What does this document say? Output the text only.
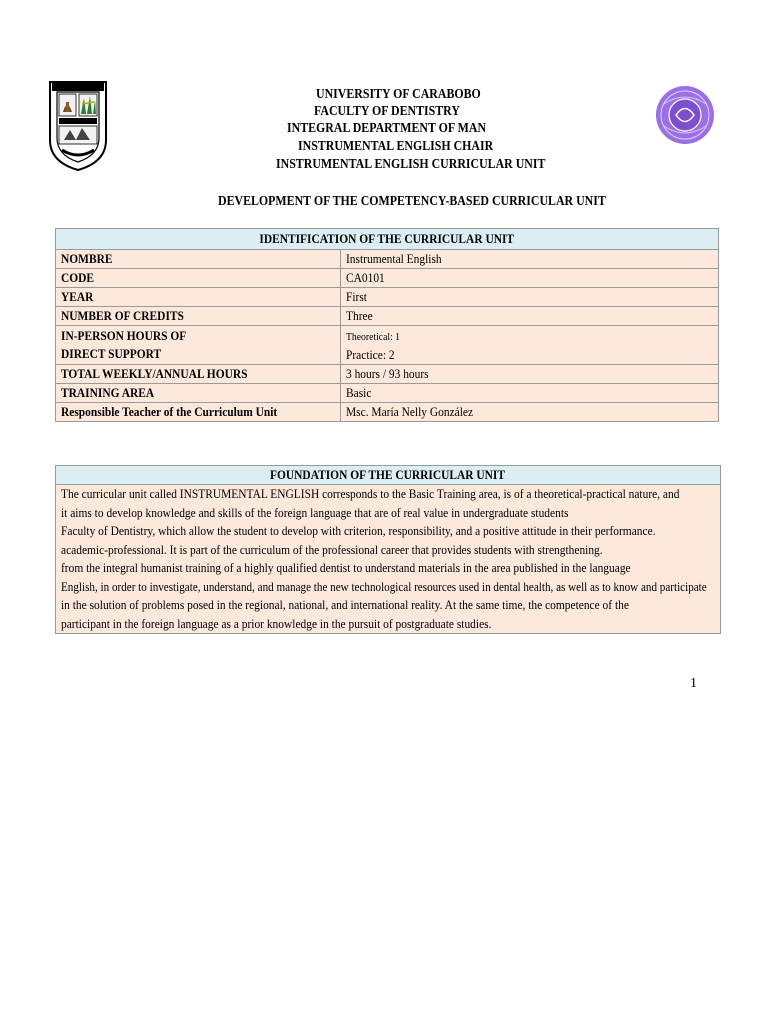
UNIVERSITY OF CARABOBO
FACULTY OF DENTISTRY
INTEGRAL DEPARTMENT OF MAN
INSTRUMENTAL ENGLISH CHAIR
INSTRUMENTAL ENGLISH CURRICULAR UNIT
DEVELOPMENT OF THE COMPETENCY-BASED CURRICULAR UNIT
IDENTIFICATION OF THE CURRICULAR UNIT	
NOMBRE	Instrumental English
CODE	CA0101
YEAR	First
NUMBER OF CREDITS	Three
IN-PERSON HOURS OF
DIRECT SUPPORT	Theoretical: 1
Practice: 2
TOTAL WEEKLY/ANNUAL HOURS	3 hours / 93 hours
TRAINING AREA	Basic
Responsible Teacher of the Curriculum Unit	Msc. María Nelly González
FOUNDATION OF THE CURRICULAR UNIT

The curricular unit called INSTRUMENTAL ENGLISH corresponds to the Basic Training area, is of a theoretical-practical nature, and
it aims to develop knowledge and skills of the foreign language that are of real value in undergraduate students
Faculty of Dentistry, which allow the student to develop with criterion, responsibility, and a positive attitude in their performance.
academic-professional. It is part of the curriculum of the professional career that provides students with strengthening.
from the integral humanist training of a highly qualified dentist to understand materials in the area published in the language
English, in order to investigate, understand, and manage the new technological resources used in dental health, as well as to know and participate
in the solution of problems posed in the regional, national, and international reality. At the same time, the competence of the
participant in the foreign language as a prior knowledge in the pursuit of postgraduate studies.
1
